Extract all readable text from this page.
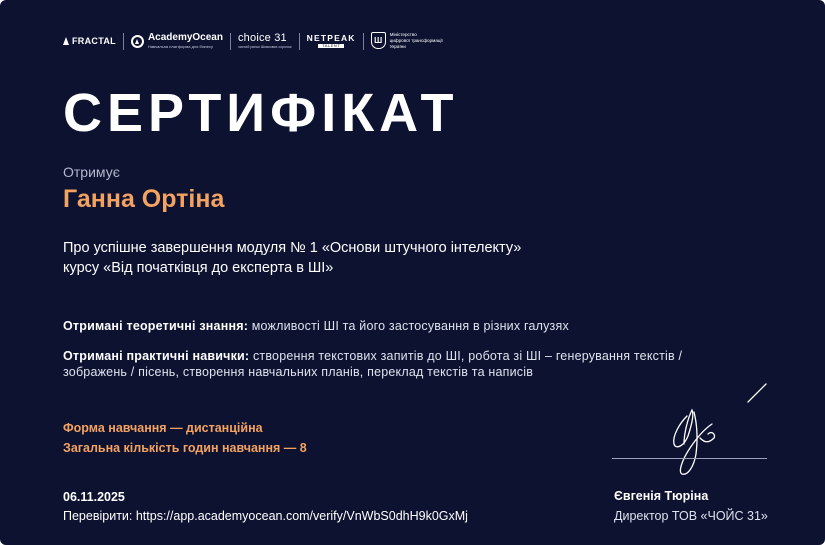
FRACTAL	AcademyOcean
Навчальна платформа для бізнесу
choice 31
чистий ринок Шовкових сорочок
NETPEAK
TALENT
Ш
Міністерство
цифрової трансформації
України
СЕРТИФІКАТ
Отримує
Ганна Ортіна
Про успішне завершення модуля № 1 «Основи штучного інтелекту»
курсу «Від початківця до експерта в ШІ»
Отримані теоретичні знання: можливості ШІ та його застосування в різних галузях
Отримані практичні навички: створення текстових запитів до ШІ, робота зі ШІ – генерування текстів / зображень / пісень, створення навчальних планів, переклад текстів та написів
Форма навчання — дистанційна
Загальна кількість годин навчання — 8
06.11.2025
Перевірити: https://app.academyocean.com/verify/VnWbS0dhH9k0GxMj
Євгенія Тюріна
Директор ТОВ «ЧОЙС 31»
